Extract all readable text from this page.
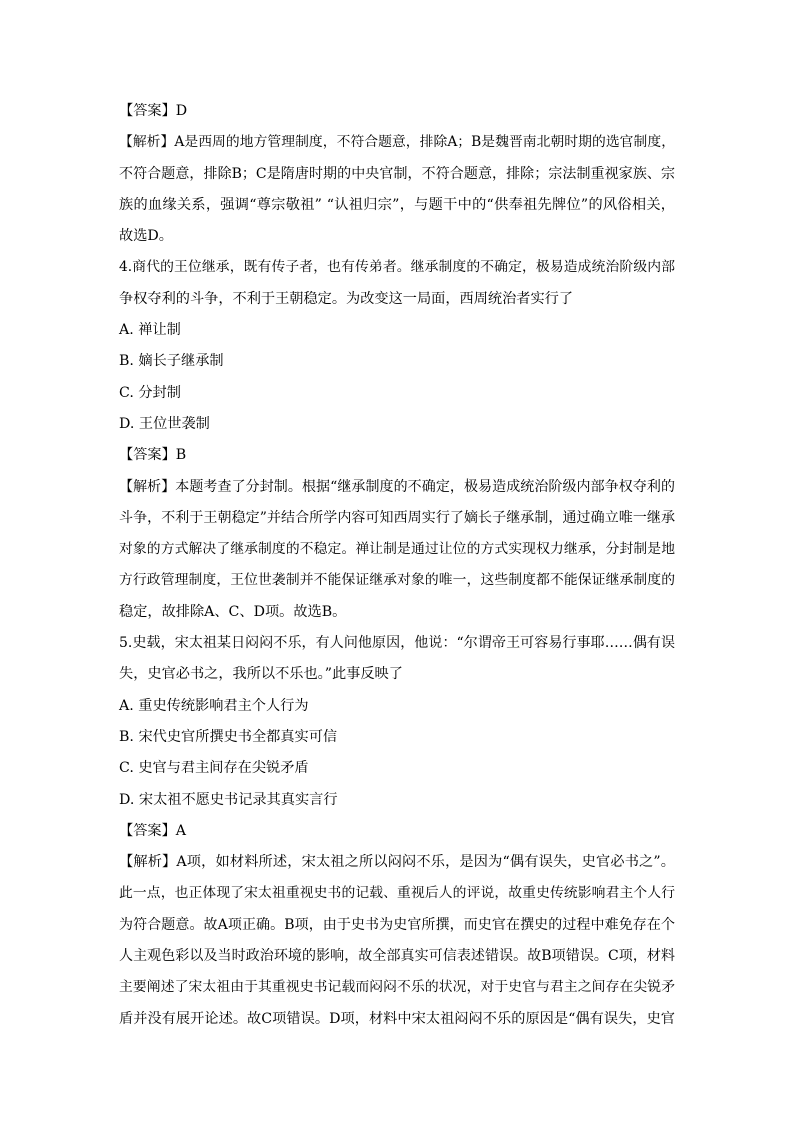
【答案】D
【解析】A是西周的地方管理制度，不符合题意，排除A；B是魏晋南北朝时期的选官制度，
不符合题意，排除B；C是隋唐时期的中央官制，不符合题意，排除；宗法制重视家族、宗
族的血缘关系，强调“尊宗敬祖” “认祖归宗”，与题干中的“供奉祖先牌位”的风俗相关，
故选D。
4.商代的王位继承，既有传子者，也有传弟者。继承制度的不确定，极易造成统治阶级内部
争权夺利的斗争，不利于王朝稳定。为改变这一局面，西周统治者实行了
A. 禅让制
B. 嫡长子继承制
C. 分封制
D. 王位世袭制
【答案】B
【解析】本题考查了分封制。根据“继承制度的不确定，极易造成统治阶级内部争权夺利的
斗争，不利于王朝稳定”并结合所学内容可知西周实行了嫡长子继承制，通过确立唯一继承
对象的方式解决了继承制度的不稳定。禅让制是通过让位的方式实现权力继承，分封制是地
方行政管理制度，王位世袭制并不能保证继承对象的唯一，这些制度都不能保证继承制度的
稳定，故排除A、C、D项。故选B。
5.史载，宋太祖某日闷闷不乐，有人问他原因，他说：“尔谓帝王可容易行事耶……偶有误
失，史官必书之，我所以不乐也。”此事反映了
A. 重史传统影响君主个人行为
B. 宋代史官所撰史书全都真实可信
C. 史官与君主间存在尖锐矛盾
D. 宋太祖不愿史书记录其真实言行
【答案】A
【解析】A项，如材料所述，宋太祖之所以闷闷不乐，是因为“偶有误失，史官必书之”。
此一点，也正体现了宋太祖重视史书的记载、重视后人的评说，故重史传统影响君主个人行
为符合题意。故A项正确。B项，由于史书为史官所撰，而史官在撰史的过程中难免存在个
人主观色彩以及当时政治环境的影响，故全部真实可信表述错误。故B项错误。C项，材料
主要阐述了宋太祖由于其重视史书记载而闷闷不乐的状况，对于史官与君主之间存在尖锐矛
盾并没有展开论述。故C项错误。D项，材料中宋太祖闷闷不乐的原因是“偶有误失，史官
